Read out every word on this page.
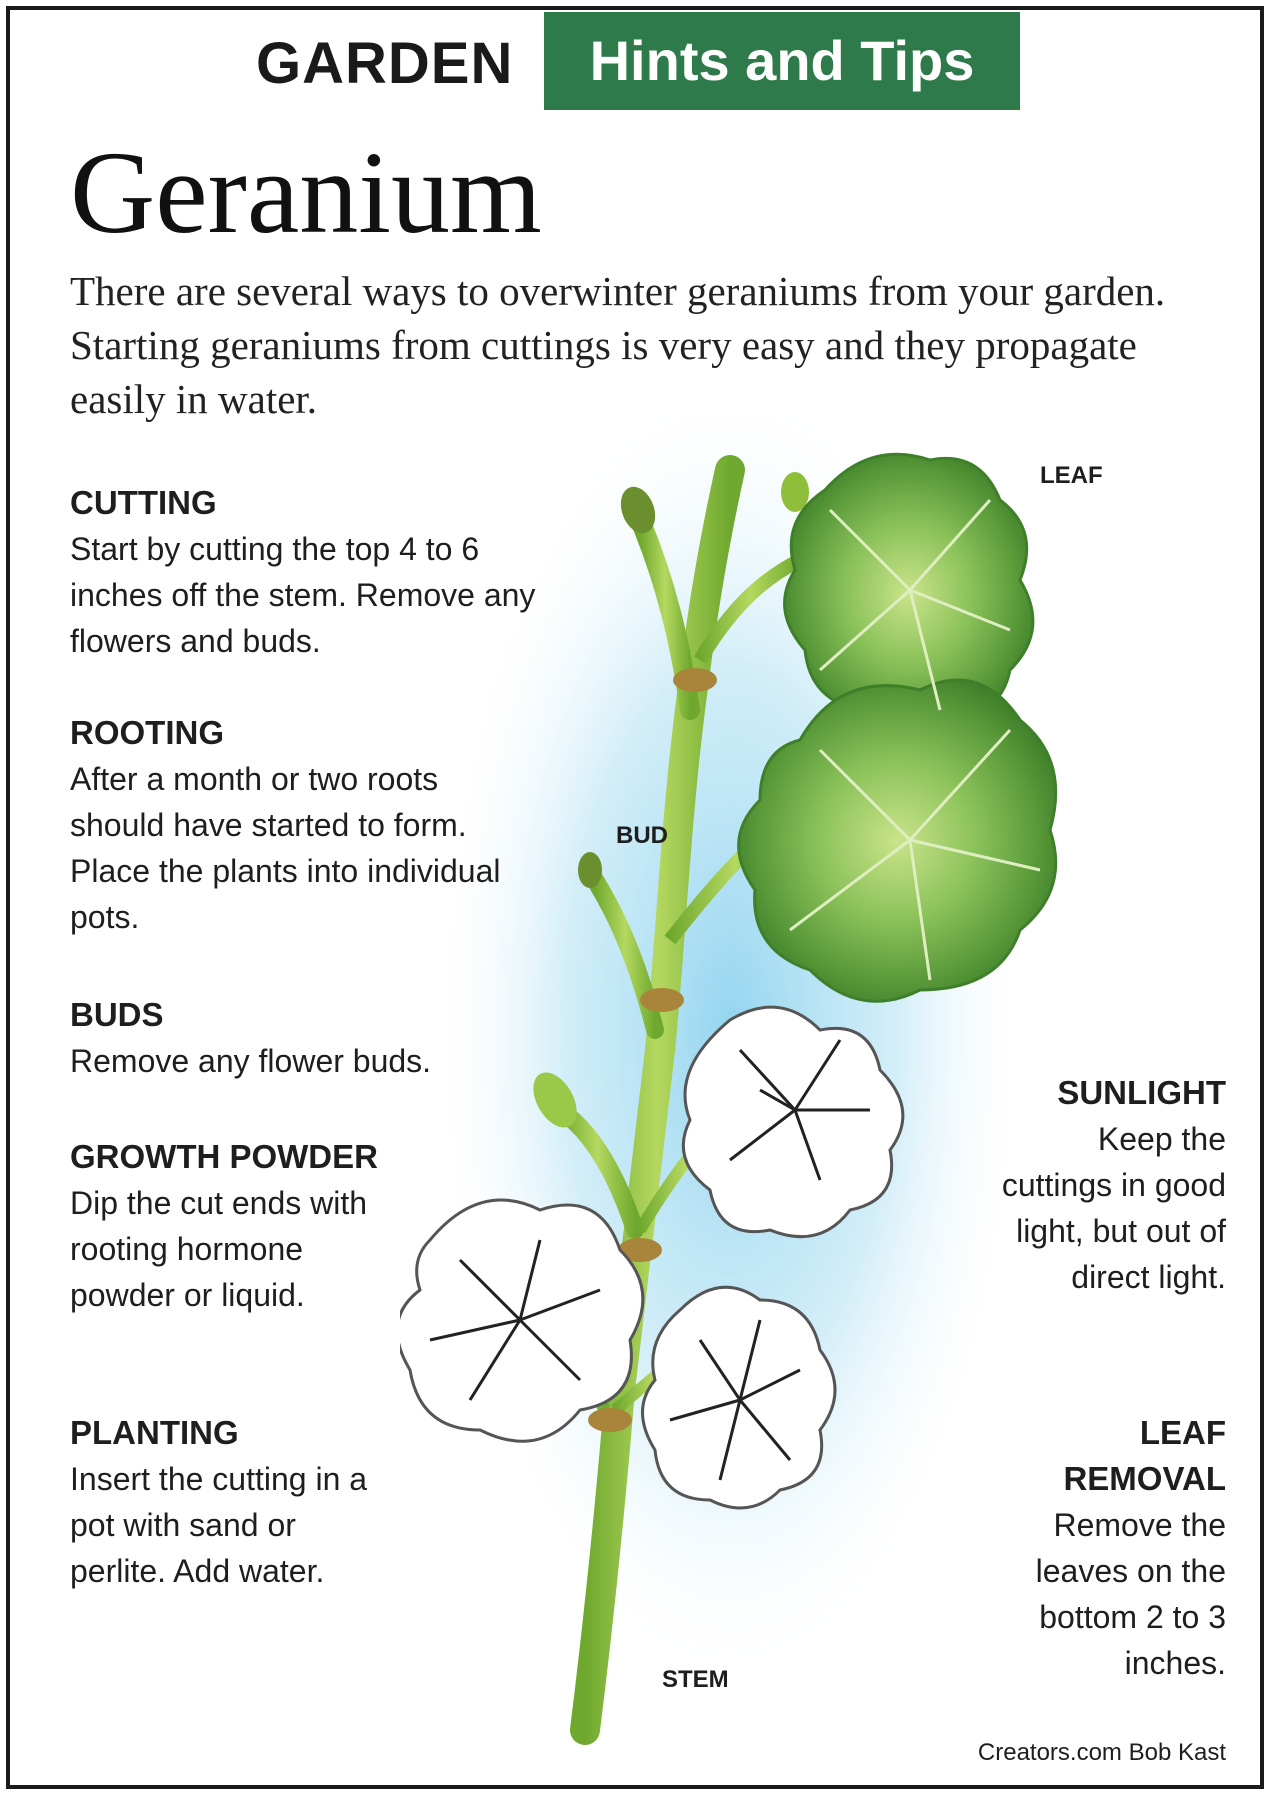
GARDEN	Hints and Tips
Geranium
There are several ways to overwinter geraniums from your garden. Starting geraniums from cuttings is very easy and they propagate easily in water.
LEAF
BUD
STEM
CUTTING

Start by cutting the top 4 to 6 inches off the stem. Remove any flowers and buds.

ROOTING

After a month or two roots should have started to form. Place the plants into individual pots.

BUDS

Remove any flower buds.

GROWTH POWDER

Dip the cut ends with rooting hormone powder or liquid.

PLANTING

Insert the cutting in a pot with sand or perlite. Add water.

SUNLIGHT

Keep the cuttings in good light, but out of direct light.

LEAF REMOVAL

Remove the leaves on the bottom 2 to 3 inches.

Creators.com Bob Kast
